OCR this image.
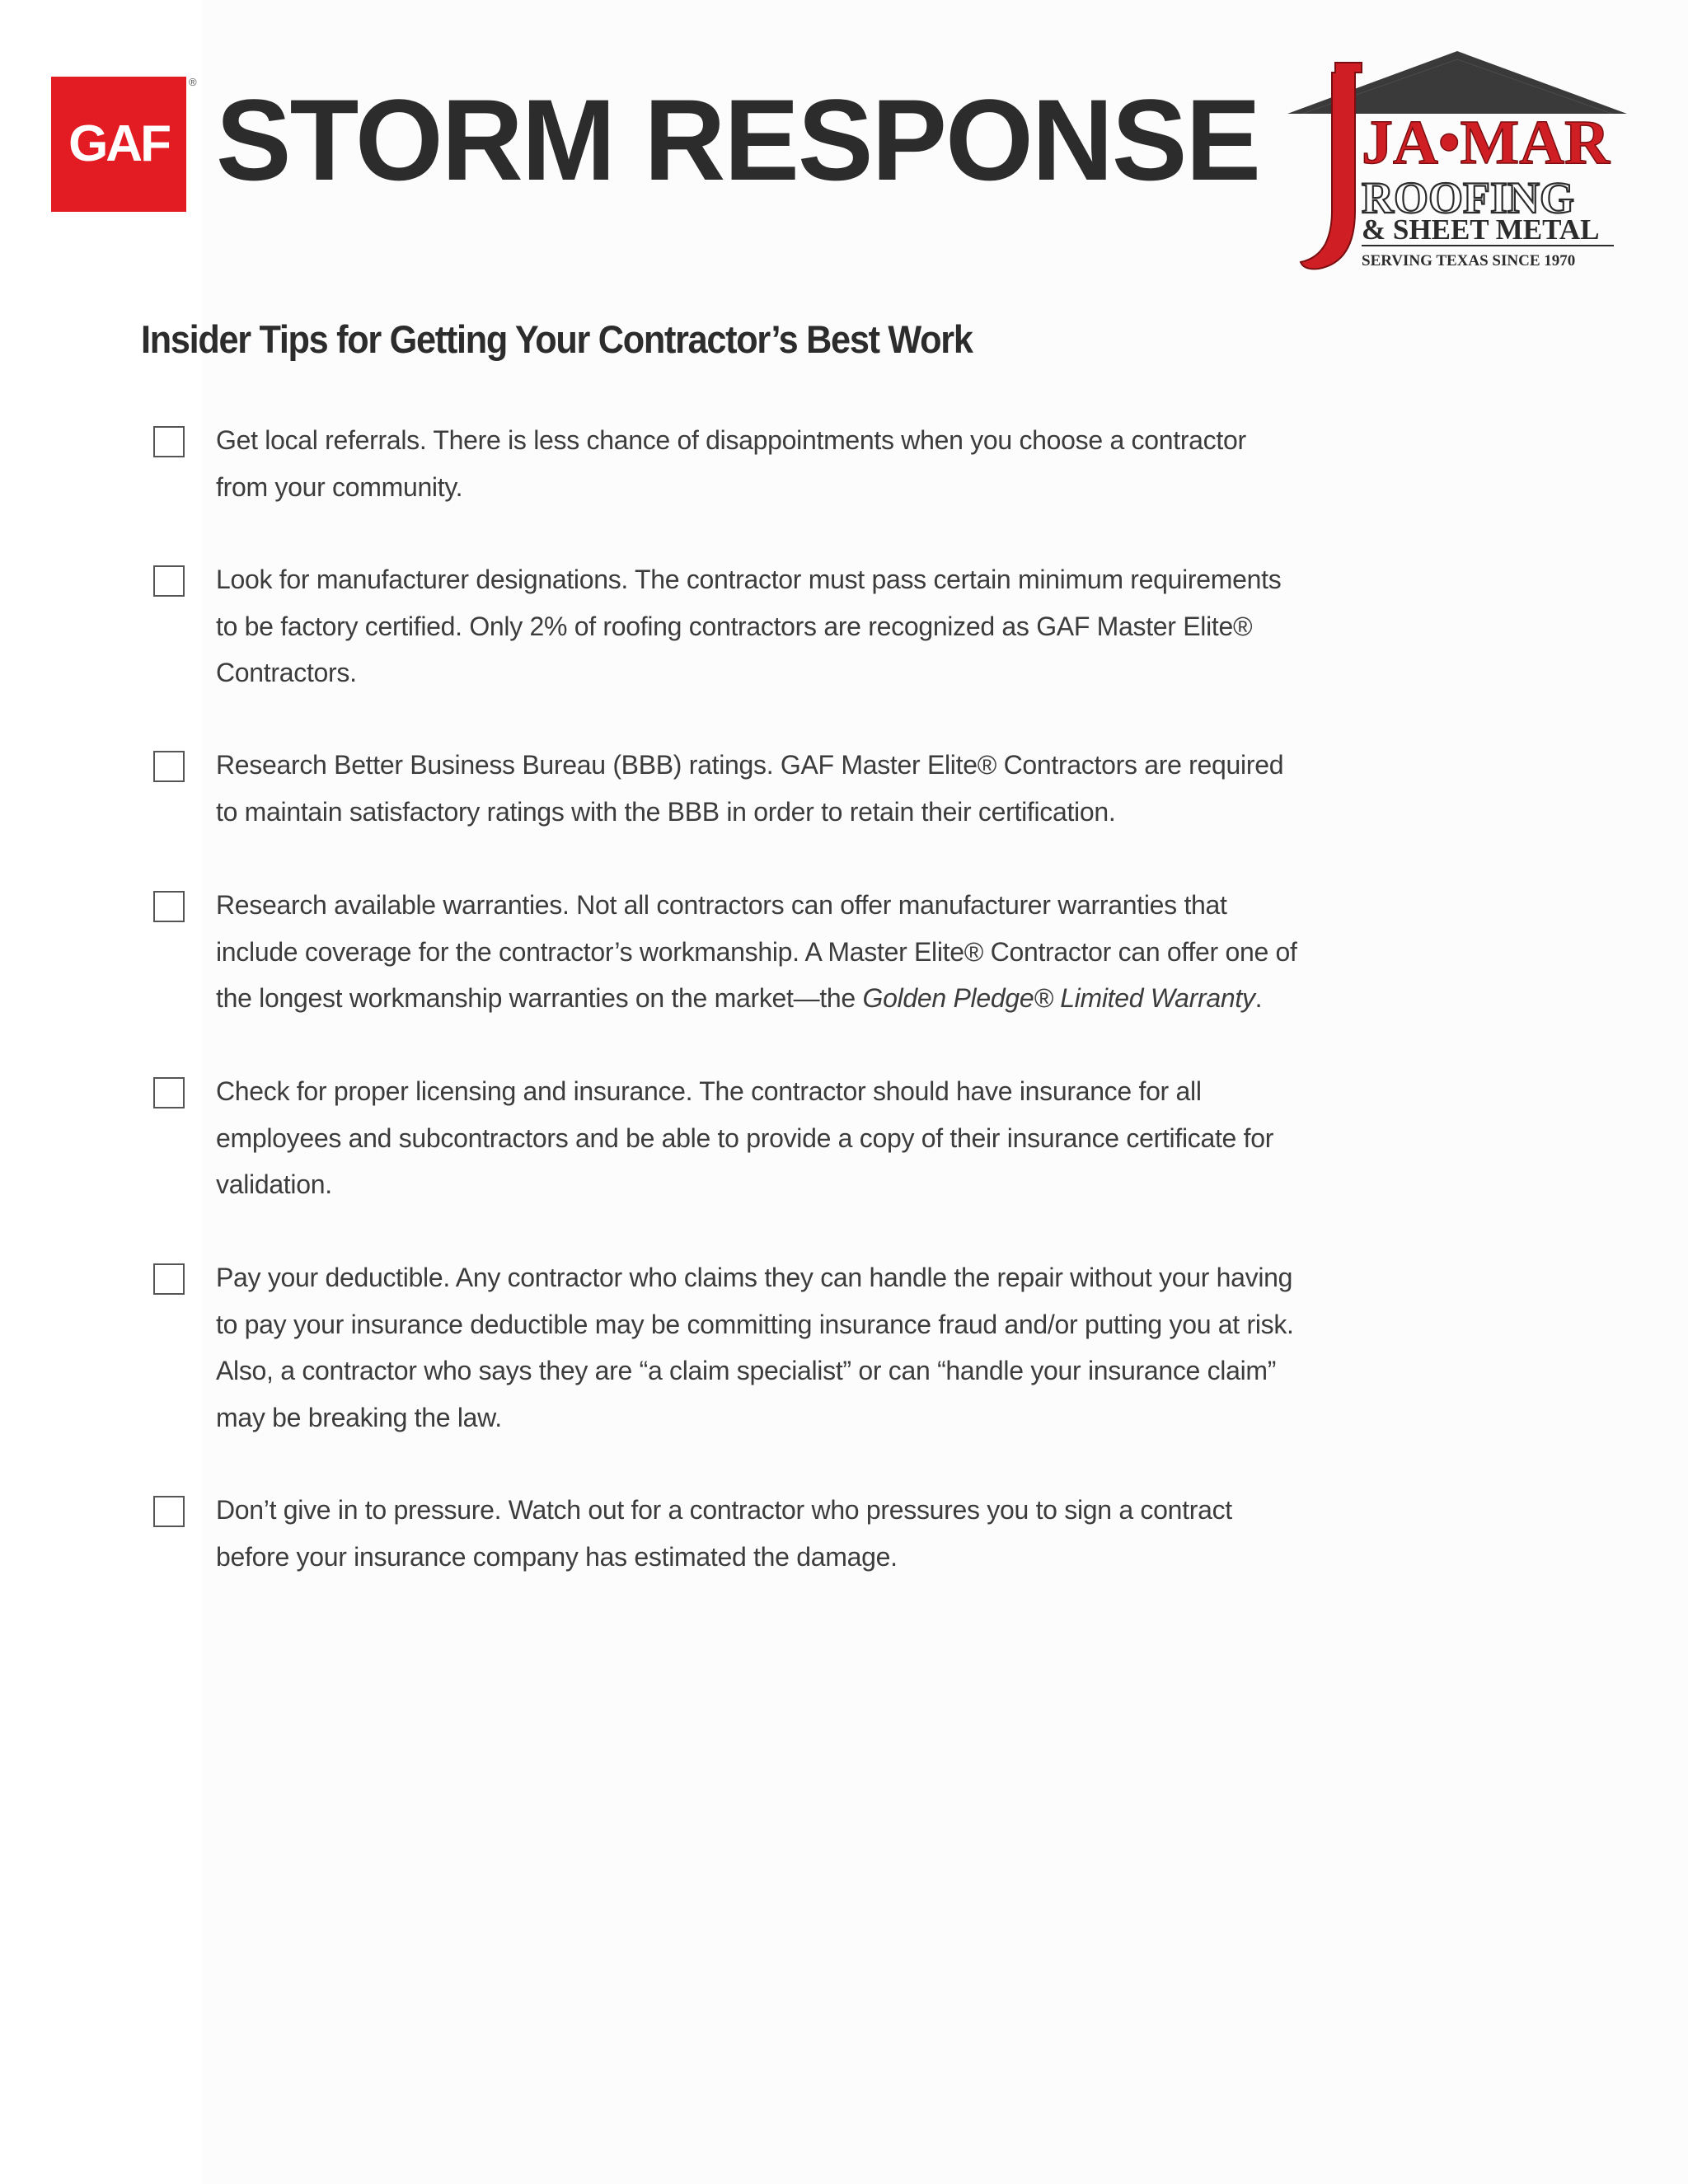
GAF
® STORM RESPONSE JA•MAR
ROOFING
& SHEET METAL
SERVING TEXAS SINCE 1970
Insider Tips for Getting Your Contractor’s Best Work

Get local referrals. There is less chance of disappointments when you choose a contractor from your community.

Look for manufacturer designations. The contractor must pass certain minimum requirements to be factory certified. Only 2% of roofing contractors are recognized as GAF Master Elite® Contractors.

Research Better Business Bureau (BBB) ratings. GAF Master Elite® Contractors are required to maintain satisfactory ratings with the BBB in order to retain their certification.

Research available warranties. Not all contractors can offer manufacturer warranties that include coverage for the contractor’s workmanship. A Master Elite® Contractor can offer one of the longest workmanship warranties on the market—the Golden Pledge® Limited Warranty.

Check for proper licensing and insurance. The contractor should have insurance for all employees and subcontractors and be able to provide a copy of their insurance certificate for validation.

Pay your deductible. Any contractor who claims they can handle the repair without your having to pay your insurance deductible may be committing insurance fraud and/or putting you at risk. Also, a contractor who says they are “a claim specialist” or can “handle your insurance claim” may be breaking the law.

Don’t give in to pressure. Watch out for a contractor who pressures you to sign a contract before your insurance company has estimated the damage.
